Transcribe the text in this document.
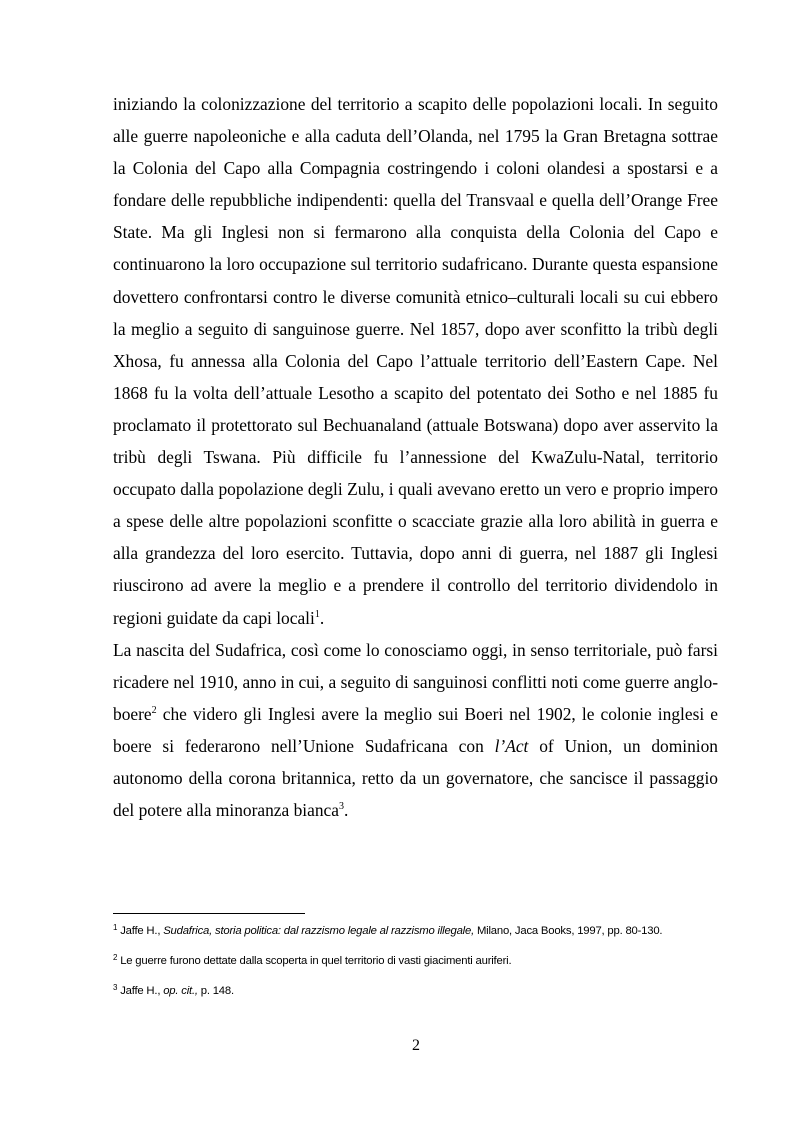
iniziando la colonizzazione del territorio a scapito delle popolazioni locali. In seguito alle guerre napoleoniche e alla caduta dell’Olanda, nel 1795 la Gran Bretagna sottrae la Colonia del Capo alla Compagnia costringendo i coloni olandesi a spostarsi e a fondare delle repubbliche indipendenti: quella del Transvaal e quella dell’Orange Free State. Ma gli Inglesi non si fermarono alla conquista della Colonia del Capo e continuarono la loro occupazione sul territorio sudafricano. Durante questa espansione dovettero confrontarsi contro le diverse comunità etnico–culturali locali su cui ebbero la meglio a seguito di sanguinose guerre. Nel 1857, dopo aver sconfitto la tribù degli Xhosa, fu annessa alla Colonia del Capo l’attuale territorio dell’Eastern Cape. Nel 1868 fu la volta dell’attuale Lesotho a scapito del potentato dei Sotho e nel 1885 fu proclamato il protettorato sul Bechuanaland (attuale Botswana) dopo aver asservito la tribù degli Tswana. Più difficile fu l’annessione del KwaZulu-Natal, territorio occupato dalla popolazione degli Zulu, i quali avevano eretto un vero e proprio impero a spese delle altre popolazioni sconfitte o scacciate grazie alla loro abilità in guerra e alla grandezza del loro esercito. Tuttavia, dopo anni di guerra, nel 1887 gli Inglesi riuscirono ad avere la meglio e a prendere il controllo del territorio dividendolo in regioni guidate da capi locali$^1$.

La nascita del Sudafrica, così come lo conosciamo oggi, in senso territoriale, può farsi ricadere nel 1910, anno in cui, a seguito di sanguinosi conflitti noti come guerre anglo-boere$^2$ che videro gli Inglesi avere la meglio sui Boeri nel 1902, le colonie inglesi e boere si federarono nell’Unione Sudafricana con l’Act of Union, un dominion autonomo della corona britannica, retto da un governatore, che sancisce il passaggio del potere alla minoranza bianca$^3$.

$^1$ Jaffe H., Sudafrica, storia politica: dal razzismo legale al razzismo illegale, Milano, Jaca Books, 1997, pp. 80-130.

$^2$ Le guerre furono dettate dalla scoperta in quel territorio di vasti giacimenti auriferi.

$^3$ Jaffe H., op. cit., p. 148.

2
